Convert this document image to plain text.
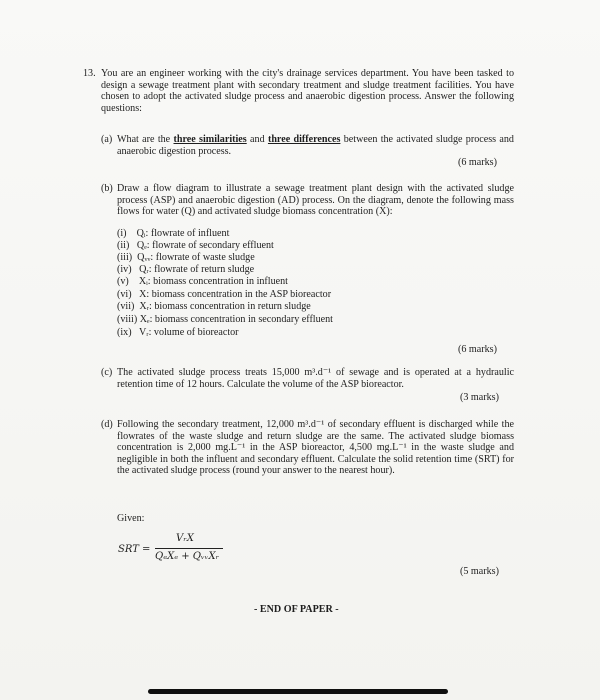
13. You are an engineer working with the city's drainage services department. You have been tasked to design a sewage treatment plant with secondary treatment and sludge treatment facilities. You have chosen to adopt the activated sludge process and anaerobic digestion process. Answer the following questions:
(a) What are the three similarities and three differences between the activated sludge process and anaerobic digestion process.
(6 marks)
(b) Draw a flow diagram to illustrate a sewage treatment plant design with the activated sludge process (ASP) and anaerobic digestion (AD) process. On the diagram, denote the following mass flows for water (Q) and activated sludge biomass concentration (X):
(i)    Qᵢ: flowrate of influent
(ii)   Qₑ: flowrate of secondary effluent
(iii)  Qᵥᵥ: flowrate of waste sludge
(iv)   Qᵣ: flowrate of return sludge
(v)    Xᵢ: biomass concentration in influent
(vi)   X: biomass concentration in the ASP bioreactor
(vii)  Xᵣ: biomass concentration in return sludge
(viii) Xₑ: biomass concentration in secondary effluent
(ix)   Vᵣ: volume of bioreactor
(6 marks)
(c) The activated sludge process treats 15,000 m³.d⁻¹ of sewage and is operated at a hydraulic retention time of 12 hours. Calculate the volume of the ASP bioreactor.
(3 marks)
(d) Following the secondary treatment, 12,000 m³.d⁻¹ of secondary effluent is discharged while the flowrates of the waste sludge and return sludge are the same. The activated sludge biomass concentration is 2,000 mg.L⁻¹ in the ASP bioreactor, 4,500 mg.L⁻¹ in the waste sludge and negligible in both the influent and secondary effluent. Calculate the solid retention time (SRT) for the activated sludge process (round your answer to the nearest hour).
Given:
SRT =
VᵣX
QₑXₑ + QᵥᵥXᵣ
(5 marks)
- END OF PAPER -
